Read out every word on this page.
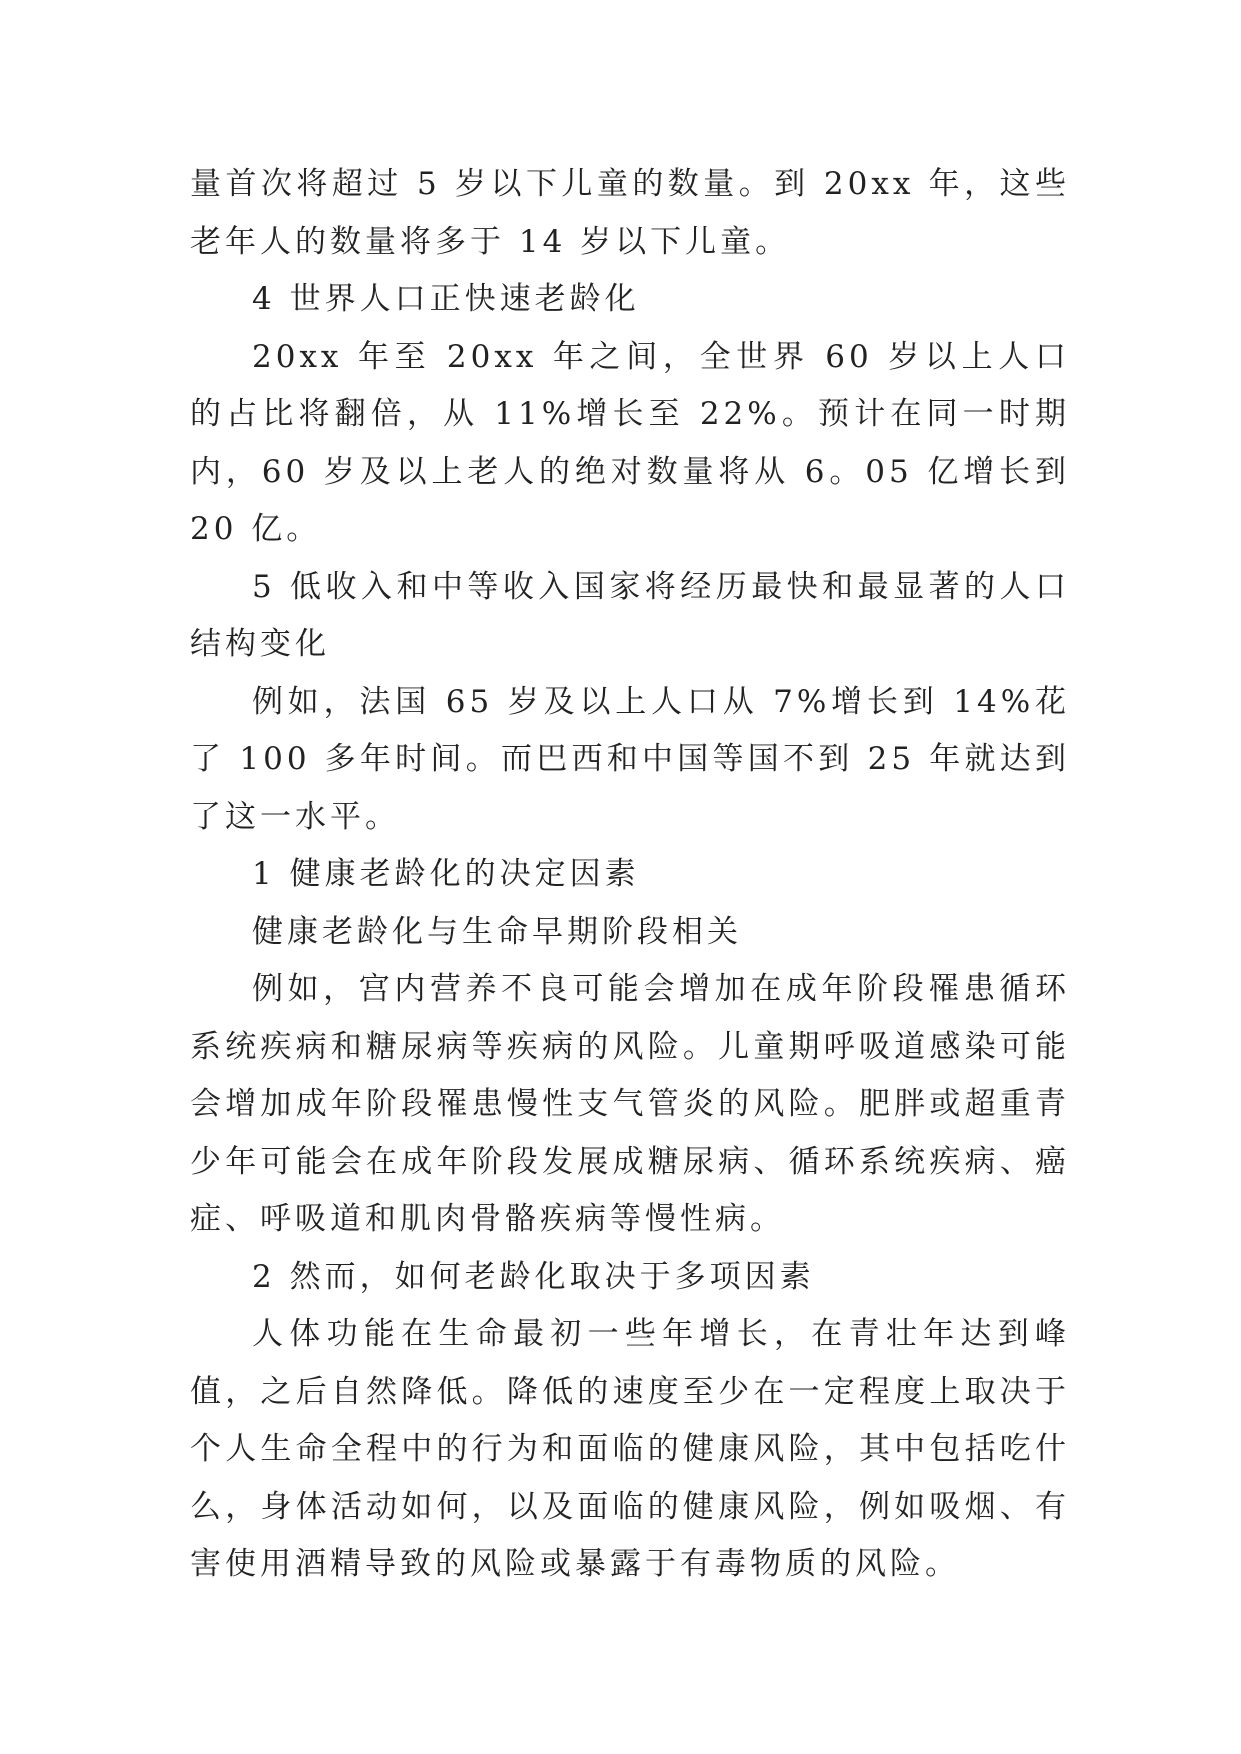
量首次将超过 5 岁以下儿童的数量。到 20xx 年，这些老年人的数量将多于 14 岁以下儿童。

4 世界人口正快速老龄化

20xx 年至 20xx 年之间，全世界 60 岁以上人口的占比将翻倍，从 11%增长至 22%。预计在同一时期内，60 岁及以上老人的绝对数量将从 6。05 亿增长到 20 亿。

5 低收入和中等收入国家将经历最快和最显著的人口结构变化

例如，法国 65 岁及以上人口从 7%增长到 14%花了 100 多年时间。而巴西和中国等国不到 25 年就达到了这一水平。

1 健康老龄化的决定因素

健康老龄化与生命早期阶段相关

例如，宫内营养不良可能会增加在成年阶段罹患循环系统疾病和糖尿病等疾病的风险。儿童期呼吸道感染可能会增加成年阶段罹患慢性支气管炎的风险。肥胖或超重青少年可能会在成年阶段发展成糖尿病、循环系统疾病、癌症、呼吸道和肌肉骨骼疾病等慢性病。

2 然而，如何老龄化取决于多项因素

人体功能在生命最初一些年增长，在青壮年达到峰值，之后自然降低。降低的速度至少在一定程度上取决于个人生命全程中的行为和面临的健康风险，其中包括吃什么，身体活动如何，以及面临的健康风险，例如吸烟、有害使用酒精导致的风险或暴露于有毒物质的风险。
